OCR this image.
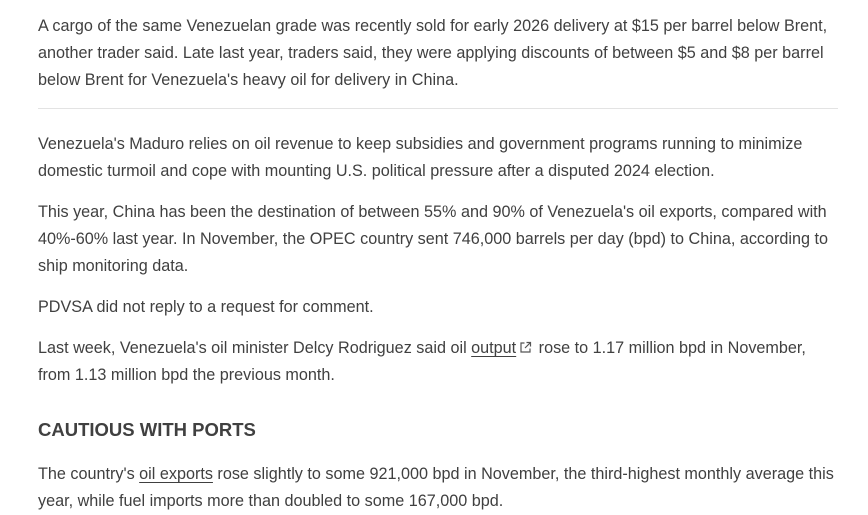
A cargo of the same Venezuelan grade was recently sold for early 2026 delivery at $15 per barrel below Brent, another trader said. Late last year, traders said, they were applying discounts of between $5 and $8 per barrel below Brent for Venezuela's heavy oil for delivery in China.

Venezuela's Maduro relies on oil revenue to keep subsidies and government programs running to minimize domestic turmoil and cope with mounting U.S. political pressure after a disputed 2024 election.

This year, China has been the destination of between 55% and 90% of Venezuela's oil exports, compared with 40%-60% last year. In November, the OPEC country sent 746,000 barrels per day (bpd) to China, according to ship monitoring data.

PDVSA did not reply to a request for comment.

Last week, Venezuela's oil minister Delcy Rodriguez said oil output
rose to 1.17 million bpd in November, from 1.13 million bpd the previous month.

CAUTIOUS WITH PORTS

The country's oil exports rose slightly to some 921,000 bpd in November, the third-highest monthly average this year, while fuel imports more than doubled to some 167,000 bpd.
